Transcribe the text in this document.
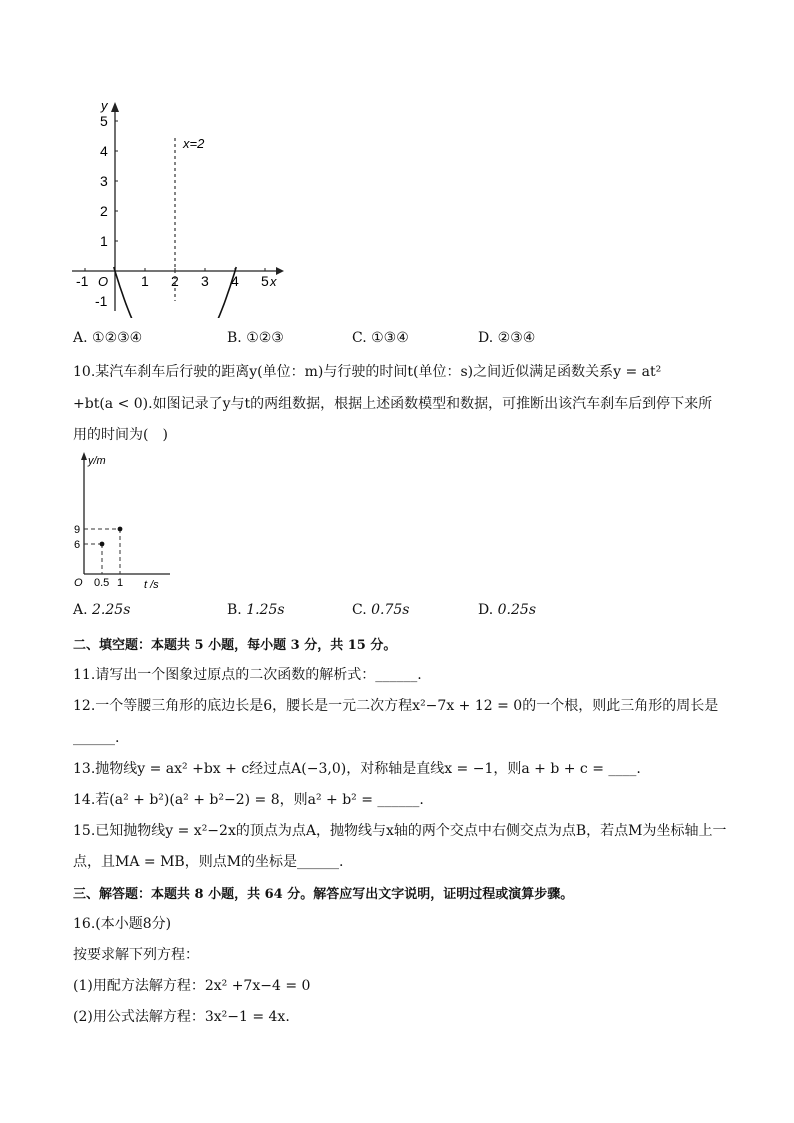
y
x
O
-1	1 2 3 4 5
1
2
3
4
5
-1
x=2
A. ①②③④	B. ①②③	C. ①③④	D. ②③④
10.某汽车刹车后行驶的距离y(单位：m)与行驶的时间t(单位：s)之间近似满足函数关系y = at²
+bt(a < 0).如图记录了y与t的两组数据，根据上述函数模型和数据，可推断出该汽车刹车后到停下来所
用的时间为(　)
y/m
t /s
O
6
9
0.5 1
A. 2.25s	B. 1.25s	C. 0.75s	D. 0.25s
二、填空题：本题共 5 小题，每小题 3 分，共 15 分。
11.请写出一个图象过原点的二次函数的解析式：______.
12.一个等腰三角形的底边长是6，腰长是一元二次方程x²−7x + 12 = 0的一个根，则此三角形的周长是
______.
13.抛物线y = ax² +bx + c经过点A(−3,0)，对称轴是直线x = −1，则a + b + c = ____.
14.若(a² + b²)(a² + b²−2) = 8，则a² + b² = ______.
15.已知抛物线y = x²−2x的顶点为点A，抛物线与x轴的两个交点中右侧交点为点B，若点M为坐标轴上一
点，且MA = MB，则点M的坐标是______.
三、解答题：本题共 8 小题，共 64 分。解答应写出文字说明，证明过程或演算步骤。
16.(本小题8分)
按要求解下列方程：
(1)用配方法解方程：2x² +7x−4 = 0
(2)用公式法解方程：3x²−1 = 4x.
